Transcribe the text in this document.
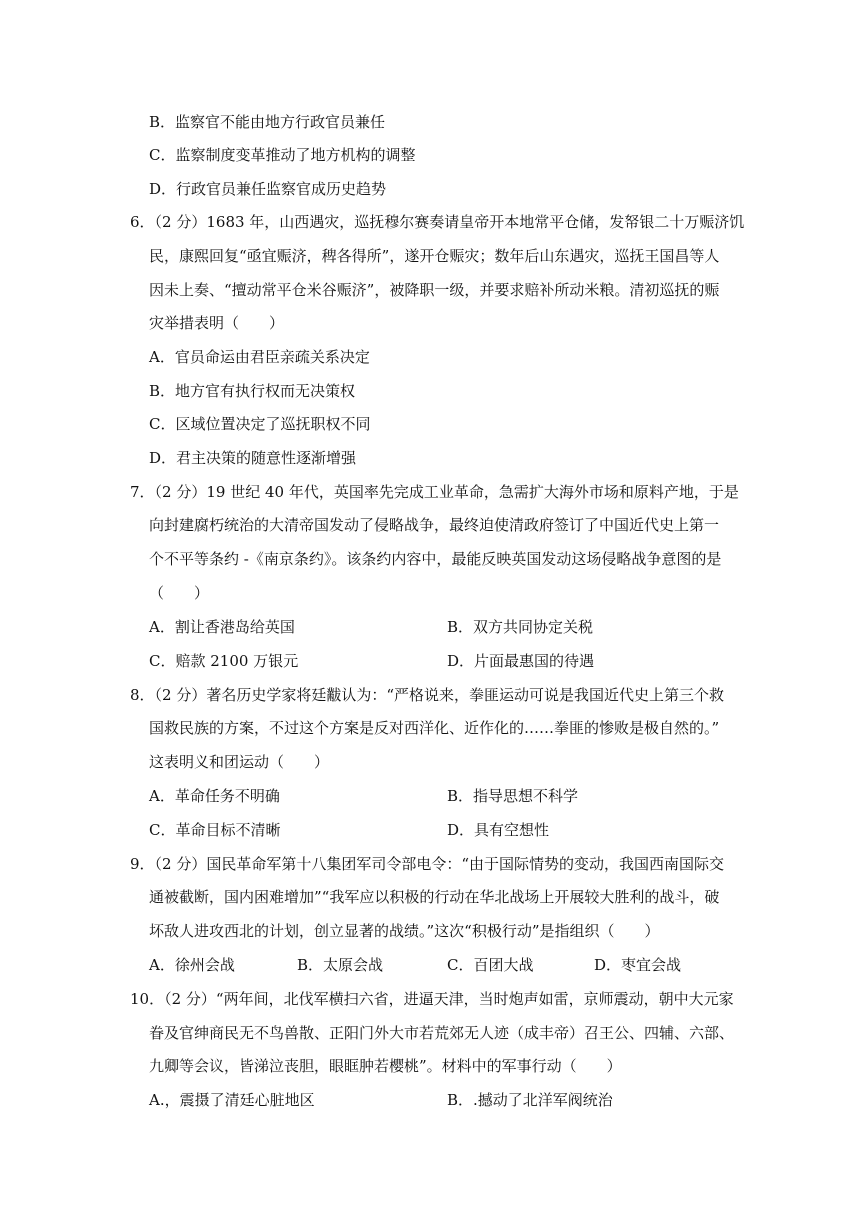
B．监察官不能由地方行政官员兼任
C．监察制度变革推动了地方机构的调整
D．行政官员兼任监察官成历史趋势
6．（2 分）1683 年，山西遇灾，巡抚穆尔赛奏请皇帝开本地常平仓储，发帑银二十万赈济饥
民，康熙回复“亟宜赈济，稗各得所”，遂开仓赈灾；数年后山东遇灾，巡抚王国昌等人
因未上奏、“擅动常平仓米谷赈济”，被降职一级，并要求赔补所动米粮。清初巡抚的赈
灾举措表明（　　）
A．官员命运由君臣亲疏关系决定
B．地方官有执行权而无决策权
C．区域位置决定了巡抚职权不同
D．君主决策的随意性逐渐增强
7．（2 分）19 世纪 40 年代，英国率先完成工业革命，急需扩大海外市场和原料产地，于是
向封建腐朽统治的大清帝国发动了侵略战争，最终迫使清政府签订了中国近代史上第一
个不平等条约 -《南京条约》。该条约内容中，最能反映英国发动这场侵略战争意图的是
（　　）
A．割让香港岛给英国	B．双方共同协定关税
C．赔款 2100 万银元	D．片面最惠国的待遇
8．（2 分）著名历史学家将廷黻认为：“严格说来，拳匪运动可说是我国近代史上第三个救
国救民族的方案，不过这个方案是反对西洋化、近作化的……拳匪的惨败是极自然的。”
这表明义和团运动（　　）
A．革命任务不明确	B．指导思想不科学
C．革命目标不清晰	D．具有空想性
9．（2 分）国民革命军第十八集团军司令部电令：“由于国际情势的变动，我国西南国际交
通被截断，国内困难增加”“我军应以积极的行动在华北战场上开展较大胜利的战斗，破
坏敌人进攻西北的计划，创立显著的战绩。”这次“积极行动”是指组织（　　）
A．徐州会战	B．太原会战	C．百团大战	D．枣宜会战
10．（2 分）“两年间，北伐军横扫六省，进逼天津，当时炮声如雷，京师震动，朝中大元家
眷及官绅商民无不鸟兽散、正阳门外大市若荒郊无人迹（成丰帝）召王公、四辅、六部、
九卿等会议，皆涕泣丧胆，眼眶肿若樱桃”。材料中的军事行动（　　）
A.，震摄了清廷心脏地区	B．.撼动了北洋军阀统治
